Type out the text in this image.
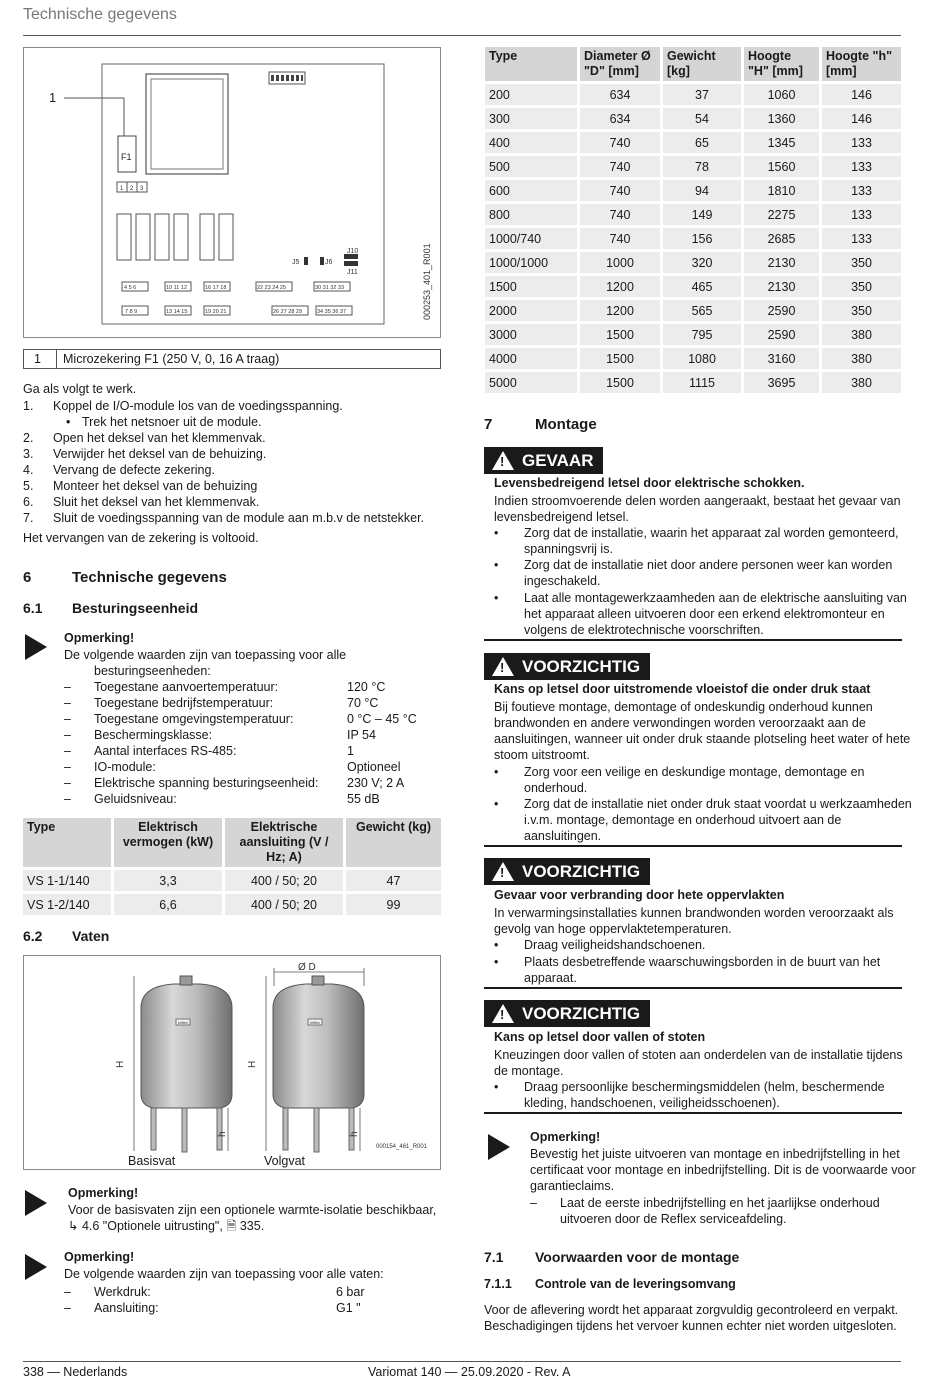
Technische gegevens
1
F1
1 2 3
J5	J6
J10
J11
4 5 6	10 11 12	16 17 18	22 23 24 25	30 31 32 33
7 8 9	13 14 15	19 20 21	26 27 28 29	34 35 36 37	000253_401_R001
1	Microzekering F1 (250 V, 0, 16 A traag)
Ga als volgt te werk.
1. Koppel de I/O-module los van de voedingsspanning.
• Trek het netsnoer uit de module.
2. Open het deksel van het klemmenvak.
3. Verwijder het deksel van de behuizing.
4. Vervang de defecte zekering.
5. Monteer het deksel van de behuizing
6. Sluit het deksel van het klemmenvak.
7. Sluit de voedingsspanning van de module aan m.b.v de netstekker.
Het vervangen van de zekering is voltooid.
6	Technische gegevens
6.1 Besturingseenheid
Opmerking!
De volgende waarden zijn van toepassing voor alle
besturingseenheden:
– Toegestane aanvoertemperatuur:	120 °C
– Toegestane bedrijfstemperatuur:	70 °C
– Toegestane omgevingstemperatuur:	0 °C – 45 °C
– Beschermingsklasse:	IP 54
– Aantal interfaces RS-485:	1
– IO-module:	Optioneel
– Elektrische spanning besturingseenheid: 230 V; 2 A
– Geluidsniveau:	55 dB
Type	Elektrisch vermogen (kW)	Elektrische aansluiting (V / Hz; A)	Gewicht (kg)
VS 1-1/140	3,3	400 / 50; 20	47
VS 1-2/140	6,6	400 / 50; 20	99
6.2 Vaten
reflex	reflex
Ø D
H	H
h	h
000154_461_R001
Basisvat	Volgvat
Opmerking!
Voor de basisvaten zijn een optionele warmte-isolatie beschikbaar,
↳ 4.6 "Optionele uitrusting", 🗎 335.
Opmerking!
De volgende waarden zijn van toepassing voor alle vaten:
– Werkdruk:	6 bar
– Aansluiting:	G1 "
Type	Diameter Ø "D" [mm]	Gewicht [kg]	Hoogte "H" [mm]	Hoogte "h" [mm]
200	634	37	1060	146
300	634	54	1360	146
400	740	65	1345	133
500	740	78	1560	133
600	740	94	1810	133
800	740	149	2275	133
1000/740	740	156	2685	133
1000/1000	1000	320	2130	350
1500	1200	465	2130	350
2000	1200	565	2590	350
3000	1500	795	2590	380
4000	1500	1080	3160	380
5000	1500	1115	3695	380
7	Montage
! GEVAAR
Levensbedreigend letsel door elektrische schokken.
Indien stroomvoerende delen worden aangeraakt, bestaat het gevaar van
levensbedreigend letsel.
• Zorg dat de installatie, waarin het apparaat zal worden gemonteerd,
spanningsvrij is.
• Zorg dat de installatie niet door andere personen weer kan worden
ingeschakeld.
• Laat alle montagewerkzaamheden aan de elektrische aansluiting van
het apparaat alleen uitvoeren door een erkend elektromonteur en
volgens de elektrotechnische voorschriften.
! VOORZICHTIG
Kans op letsel door uitstromende vloeistof die onder druk staat
Bij foutieve montage, demontage of ondeskundig onderhoud kunnen
brandwonden en andere verwondingen worden veroorzaakt aan de
aansluitingen, wanneer uit onder druk staande plotseling heet water of hete
stoom uitstroomt.
• Zorg voor een veilige en deskundige montage, demontage en
onderhoud.
• Zorg dat de installatie niet onder druk staat voordat u werkzaamheden
i.v.m. montage, demontage en onderhoud uitvoert aan de
aansluitingen.
! VOORZICHTIG
Gevaar voor verbranding door hete oppervlakten
In verwarmingsinstallaties kunnen brandwonden worden veroorzaakt als
gevolg van hoge oppervlaktetemperaturen.
• Draag veiligheidshandschoenen.
• Plaats desbetreffende waarschuwingsborden in de buurt van het
apparaat.
! VOORZICHTIG
Kans op letsel door vallen of stoten
Kneuzingen door vallen of stoten aan onderdelen van de installatie tijdens
de montage.
• Draag persoonlijke beschermingsmiddelen (helm, beschermende
kleding, handschoenen, veiligheidsschoenen).
Opmerking!
Bevestig het juiste uitvoeren van montage en inbedrijfstelling in het
certificaat voor montage en inbedrijfstelling. Dit is de voorwaarde voor
garantieclaims.
– Laat de eerste inbedrijfstelling en het jaarlijkse onderhoud
uitvoeren door de Reflex serviceafdeling.
7.1 Voorwaarden voor de montage
7.1.1 Controle van de leveringsomvang
Voor de aflevering wordt het apparaat zorgvuldig gecontroleerd en verpakt.
Beschadigingen tijdens het vervoer kunnen echter niet worden uitgesloten.
338 — Nederlands	Variomat 140 — 25.09.2020 - Rev. A
